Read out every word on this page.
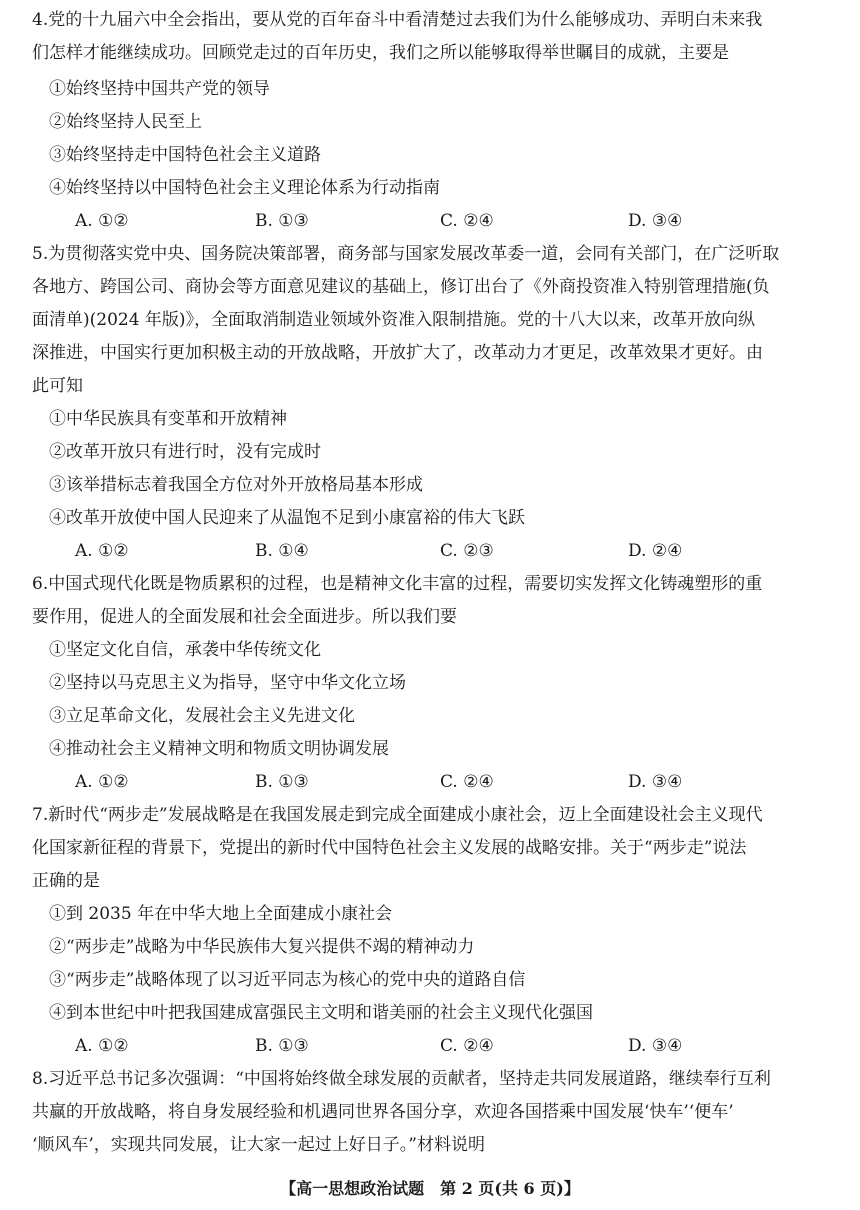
4.党的十九届六中全会指出，要从党的百年奋斗中看清楚过去我们为什么能够成功、弄明白未来我
们怎样才能继续成功。回顾党走过的百年历史，我们之所以能够取得举世瞩目的成就，主要是
①始终坚持中国共产党的领导
②始终坚持人民至上
③始终坚持走中国特色社会主义道路
④始终坚持以中国特色社会主义理论体系为行动指南
A. ①②	B. ①③	C. ②④	D. ③④
5.为贯彻落实党中央、国务院决策部署，商务部与国家发展改革委一道，会同有关部门，在广泛听取
各地方、跨国公司、商协会等方面意见建议的基础上，修订出台了《外商投资准入特别管理措施(负
面清单)(2024 年版)》，全面取消制造业领域外资准入限制措施。党的十八大以来，改革开放向纵
深推进，中国实行更加积极主动的开放战略，开放扩大了，改革动力才更足，改革效果才更好。由
此可知
①中华民族具有变革和开放精神
②改革开放只有进行时，没有完成时
③该举措标志着我国全方位对外开放格局基本形成
④改革开放使中国人民迎来了从温饱不足到小康富裕的伟大飞跃
A. ①②	B. ①④	C. ②③	D. ②④
6.中国式现代化既是物质累积的过程，也是精神文化丰富的过程，需要切实发挥文化铸魂塑形的重
要作用，促进人的全面发展和社会全面进步。所以我们要
①坚定文化自信，承袭中华传统文化
②坚持以马克思主义为指导，坚守中华文化立场
③立足革命文化，发展社会主义先进文化
④推动社会主义精神文明和物质文明协调发展
A. ①②	B. ①③	C. ②④	D. ③④
7.新时代“两步走”发展战略是在我国发展走到完成全面建成小康社会，迈上全面建设社会主义现代
化国家新征程的背景下，党提出的新时代中国特色社会主义发展的战略安排。关于“两步走”说法
正确的是
①到 2035 年在中华大地上全面建成小康社会
②“两步走”战略为中华民族伟大复兴提供不竭的精神动力
③“两步走”战略体现了以习近平同志为核心的党中央的道路自信
④到本世纪中叶把我国建成富强民主文明和谐美丽的社会主义现代化强国
A. ①②	B. ①③	C. ②④	D. ③④
8.习近平总书记多次强调：“中国将始终做全球发展的贡献者，坚持走共同发展道路，继续奉行互利
共赢的开放战略，将自身发展经验和机遇同世界各国分享，欢迎各国搭乘中国发展‘快车’‘便车’
‘顺风车’，实现共同发展，让大家一起过上好日子。”材料说明
【高一思想政治试题　第 2 页(共 6 页)】
